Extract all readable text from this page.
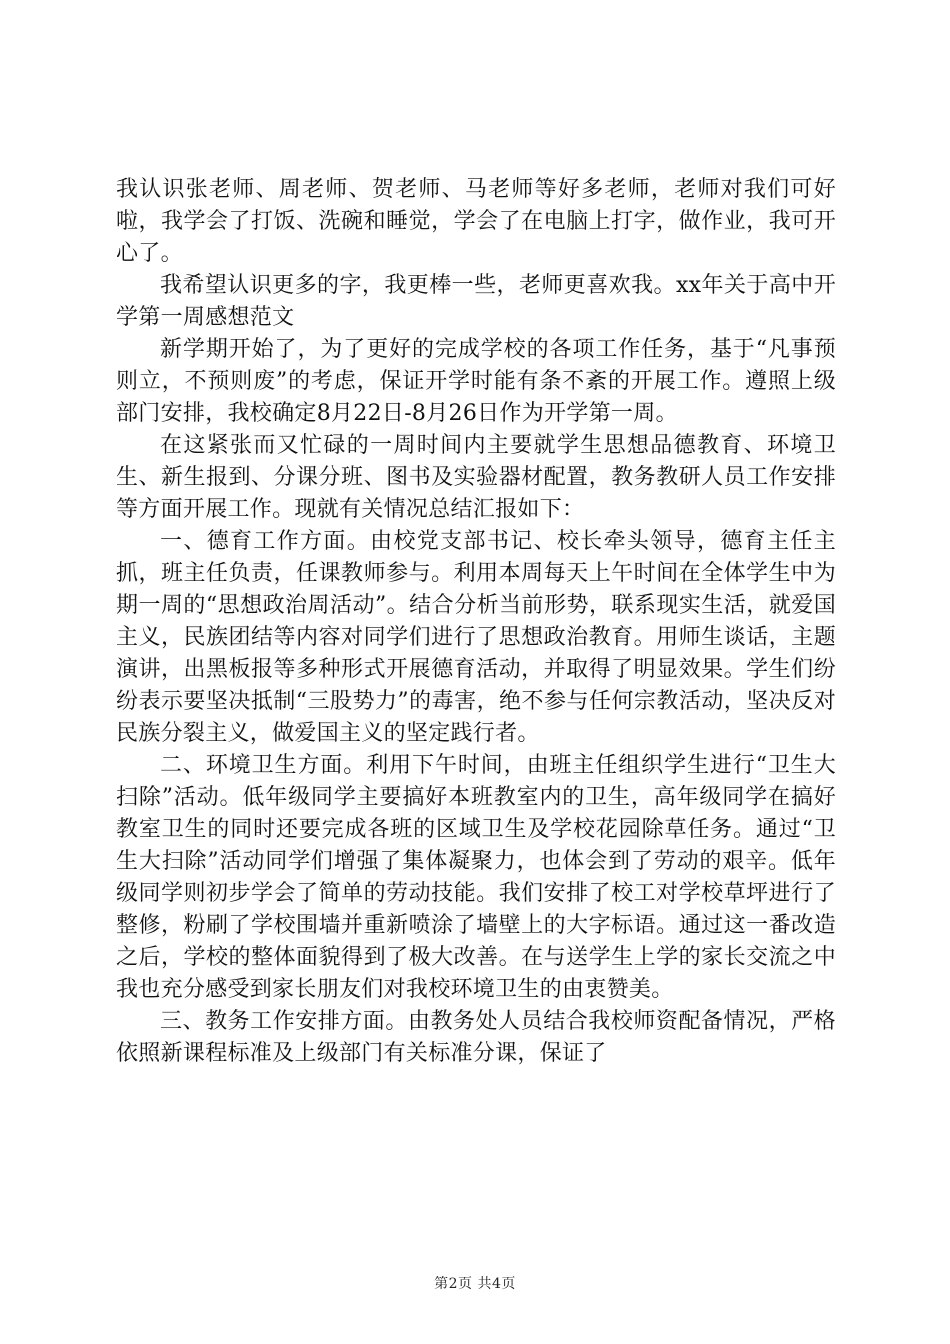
我认识张老师、周老师、贺老师、马老师等好多老师，老师对我们可好啦，我学会了打饭、洗碗和睡觉，学会了在电脑上打字，做作业，我可开心了。

我希望认识更多的字，我更棒一些，老师更喜欢我。xx年关于高中开学第一周感想范文

新学期开始了，为了更好的完成学校的各项工作任务，基于“凡事预则立，不预则废”的考虑，保证开学时能有条不紊的开展工作。遵照上级部门安排，我校确定8月22日-8月26日作为开学第一周。

在这紧张而又忙碌的一周时间内主要就学生思想品德教育、环境卫生、新生报到、分课分班、图书及实验器材配置，教务教研人员工作安排等方面开展工作。现就有关情况总结汇报如下：

一、德育工作方面。由校党支部书记、校长牵头领导，德育主任主抓，班主任负责，任课教师参与。利用本周每天上午时间在全体学生中为期一周的“思想政治周活动”。结合分析当前形势，联系现实生活，就爱国主义，民族团结等内容对同学们进行了思想政治教育。用师生谈话，主题演讲，出黑板报等多种形式开展德育活动，并取得了明显效果。学生们纷纷表示要坚决抵制“三股势力”的毒害，绝不参与任何宗教活动，坚决反对民族分裂主义，做爱国主义的坚定践行者。

二、环境卫生方面。利用下午时间，由班主任组织学生进行“卫生大扫除”活动。低年级同学主要搞好本班教室内的卫生，高年级同学在搞好教室卫生的同时还要完成各班的区域卫生及学校花园除草任务。通过“卫生大扫除”活动同学们增强了集体凝聚力，也体会到了劳动的艰辛。低年级同学则初步学会了简单的劳动技能。我们安排了校工对学校草坪进行了整修，粉刷了学校围墙并重新喷涂了墙壁上的大字标语。通过这一番改造之后，学校的整体面貌得到了极大改善。在与送学生上学的家长交流之中我也充分感受到家长朋友们对我校环境卫生的由衷赞美。

三、教务工作安排方面。由教务处人员结合我校师资配备情况，严格依照新课程标准及上级部门有关标准分课，保证了

第2页 共4页
